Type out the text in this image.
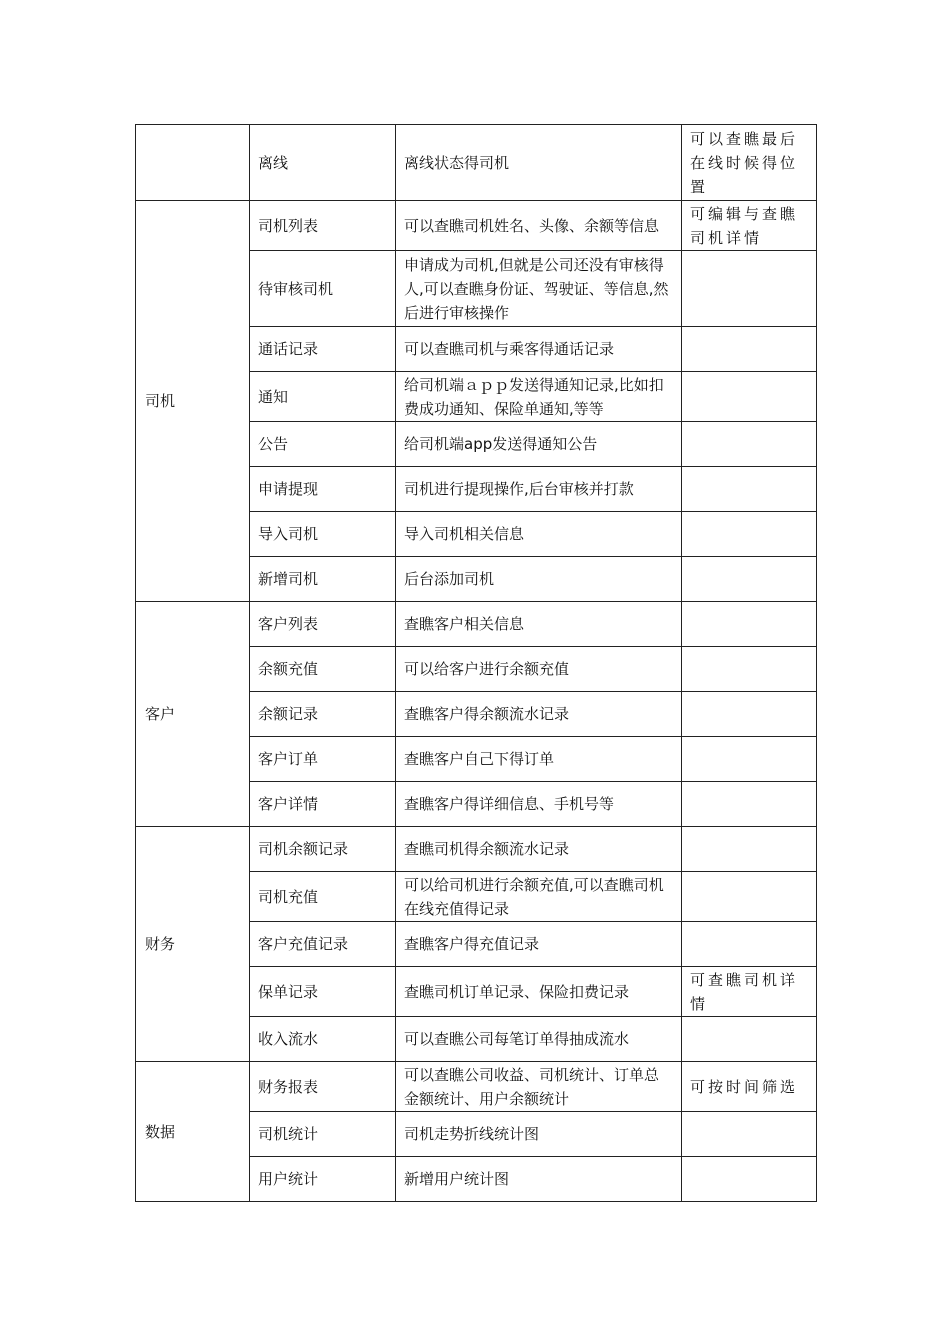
	离线	离线状态得司机	可以查瞧最后在线时候得位置
司机	司机列表	可以查瞧司机姓名、头像、余额等信息	可编辑与查瞧司机详情
	待审核司机	申请成为司机,但就是公司还没有审核得人,可以查瞧身份证、驾驶证、等信息,然后进行审核操作	
	通话记录	可以查瞧司机与乘客得通话记录	
	通知	给司机端ａｐｐ发送得通知记录,比如扣费成功通知、保险单通知,等等	
	公告	给司机端app发送得通知公告	
	申请提现	司机进行提现操作,后台审核并打款	
	导入司机	导入司机相关信息	
	新增司机	后台添加司机	
客户	客户列表	查瞧客户相关信息	
	余额充值	可以给客户进行余额充值	
	余额记录	查瞧客户得余额流水记录	
	客户订单	查瞧客户自己下得订单	
	客户详情	查瞧客户得详细信息、手机号等	
财务	司机余额记录	查瞧司机得余额流水记录	
	司机充值	可以给司机进行余额充值,可以查瞧司机在线充值得记录	
	客户充值记录	查瞧客户得充值记录	
	保单记录	查瞧司机订单记录、保险扣费记录	可查瞧司机详情
	收入流水	可以查瞧公司每笔订单得抽成流水	
数据	财务报表	可以查瞧公司收益、司机统计、订单总金额统计、用户余额统计	可按时间筛选
	司机统计	司机走势折线统计图	
	用户统计	新增用户统计图	
